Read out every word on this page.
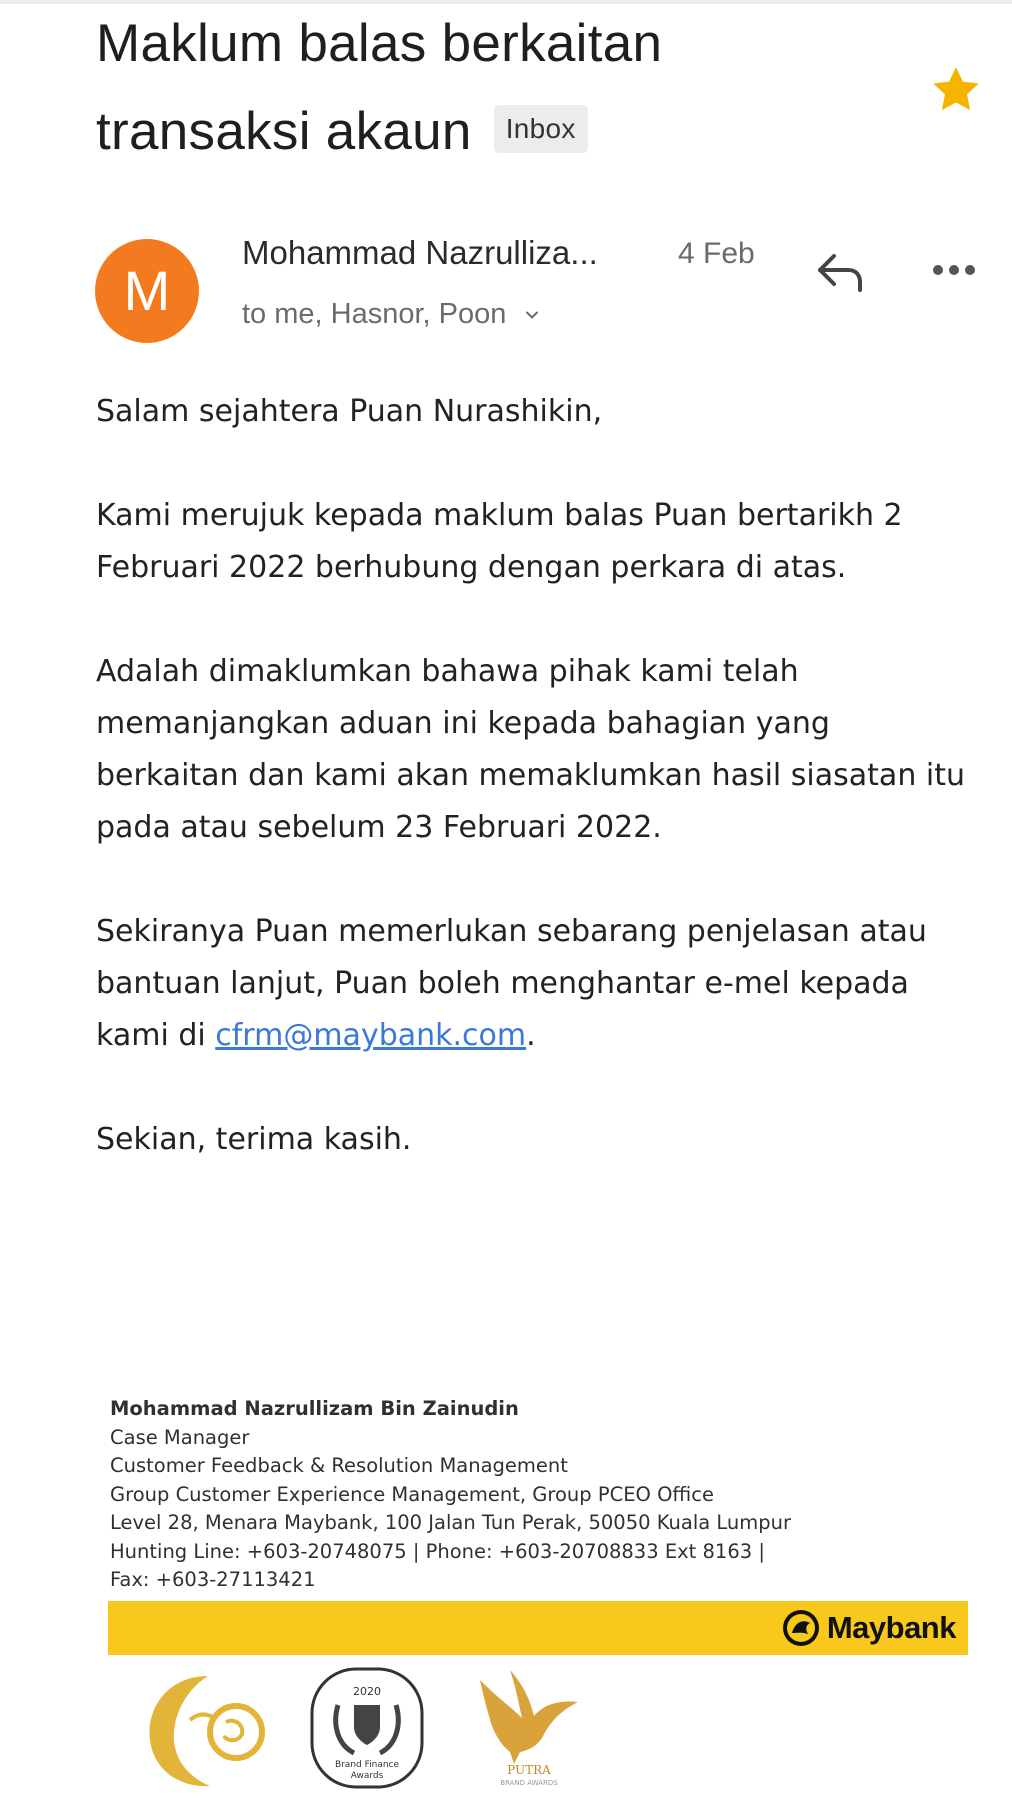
Maklum balas berkaitan
transaksi akaun Inbox
M
Mohammad Nazrulliza...	4 Feb
to me, Hasnor, Poon

Salam sejahtera Puan Nurashikin,

Kami merujuk kepada maklum balas Puan bertarikh 2
Februari 2022 berhubung dengan perkara di atas.

Adalah dimaklumkan bahawa pihak kami telah
memanjangkan aduan ini kepada bahagian yang
berkaitan dan kami akan memaklumkan hasil siasatan itu
pada atau sebelum 23 Februari 2022.

Sekiranya Puan memerlukan sebarang penjelasan atau
bantuan lanjut, Puan boleh menghantar e-mel kepada
kami di cfrm@maybank.com.

Sekian, terima kasih.

Mohammad Nazrullizam Bin Zainudin
Case Manager
Customer Feedback & Resolution Management
Group Customer Experience Management, Group PCEO Office
Level 28, Menara Maybank, 100 Jalan Tun Perak, 50050 Kuala Lumpur
Hunting Line: +603-20748075 | Phone: +603-20708833 Ext 8163 |
Fax: +603-27113421
Maybank
2020
Brand Finance
Awards	PUTRA
BRAND AWARDS
